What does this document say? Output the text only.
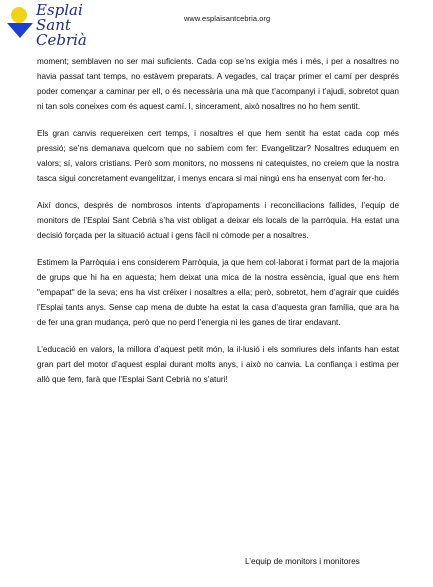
Esplai
Sant Cebrià
www.esplaisantcebria.org

moment; semblaven no ser mai suficients. Cada cop se’ns exigia més i més, i per a nosaltres no havia passat tant temps, no estàvem preparats. A vegades, cal traçar primer el camí per després poder començar a caminar per ell, o és necessària una mà que t’acompanyi i t’ajudi, sobretot quan ni tan sols coneixes com és aquest camí. I, sincerament, això nosaltres no ho hem sentit.

Els gran canvis requereixen cert temps, i nosaltres el que hem sentit ha estat cada cop més pressió; se’ns demanava quelcom que no sabíem com fer: Evangelitzar? Nosaltres eduquem en valors; sí, valors cristians. Però som monitors, no mossens ni catequistes, no creiem que la nostra tasca sigui concretament evangelitzar, i menys encara si mai ningú ens ha ensenyat com fer-ho.

Així doncs, després de nombrosos intents d’apropaments i reconciliacions fallides, l’equip de monitors de l’Esplai Sant Cebrià s’ha vist obligat a deixar els locals de la parròquia. Ha estat una decisió forçada per la situació actual i gens fàcil ni còmode per a nosaltres.

Estimem la Parròquia i ens considerem Parròquia, ja que hem col·laborat i format part de la majoria de grups que hi ha en aquesta; hem deixat una mica de la nostra essència, igual que ens hem "empapat" de la seva; ens ha vist créixer i nosaltres a ella; però, sobretot, hem d’agrair que cuidés l’Esplai tants anys. Sense cap mena de dubte ha estat la casa d’aquesta gran família, que ara ha de fer una gran mudança, però que no perd l’energia ni les ganes de tirar endavant.

L’educació en valors, la millora d’aquest petit món, la il·lusió i els somriures dels infants han estat gran part del motor d’aquest esplai durant molts anys, i això no canvia. La confiança i estima per allò que fem, farà que l’Esplai Sant Cebrià no s’aturi!

L’equip de monitors i monitores
